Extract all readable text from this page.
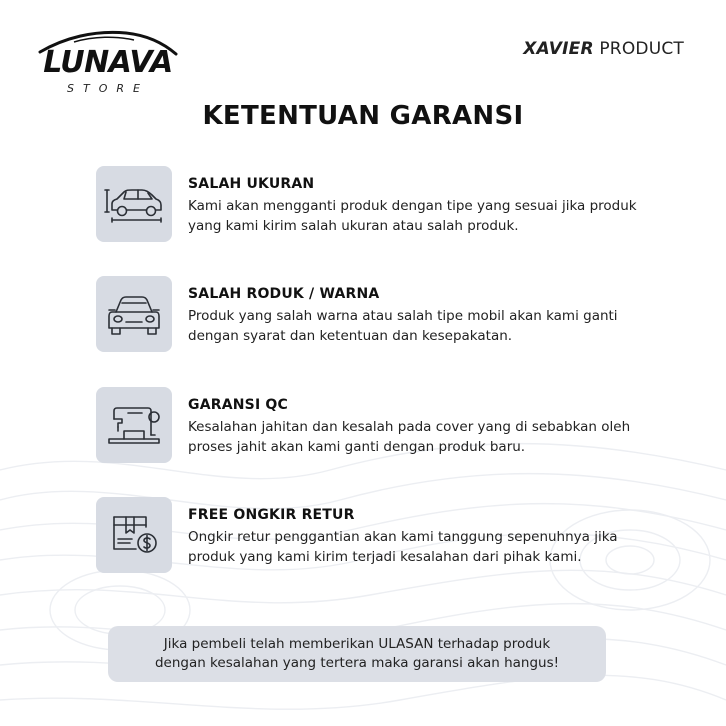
LUNAVA
STORE
XAVIER PRODUCT
KETENTUAN GARANSI
SALAH UKURAN
Kami akan mengganti produk dengan tipe yang sesuai jika produk yang kami kirim salah ukuran atau salah produk.
SALAH RODUK / WARNA
Produk yang salah warna atau salah tipe mobil akan kami ganti dengan syarat dan ketentuan dan kesepakatan.
GARANSI QC
Kesalahan jahitan dan kesalah pada cover yang di sebabkan oleh proses jahit akan kami ganti dengan produk baru.
FREE ONGKIR RETUR
Ongkir retur penggantian akan kami tanggung sepenuhnya jika produk yang kami kirim terjadi kesalahan dari pihak kami.
Jika pembeli telah memberikan ULASAN terhadap produk
dengan kesalahan yang tertera maka garansi akan hangus!
